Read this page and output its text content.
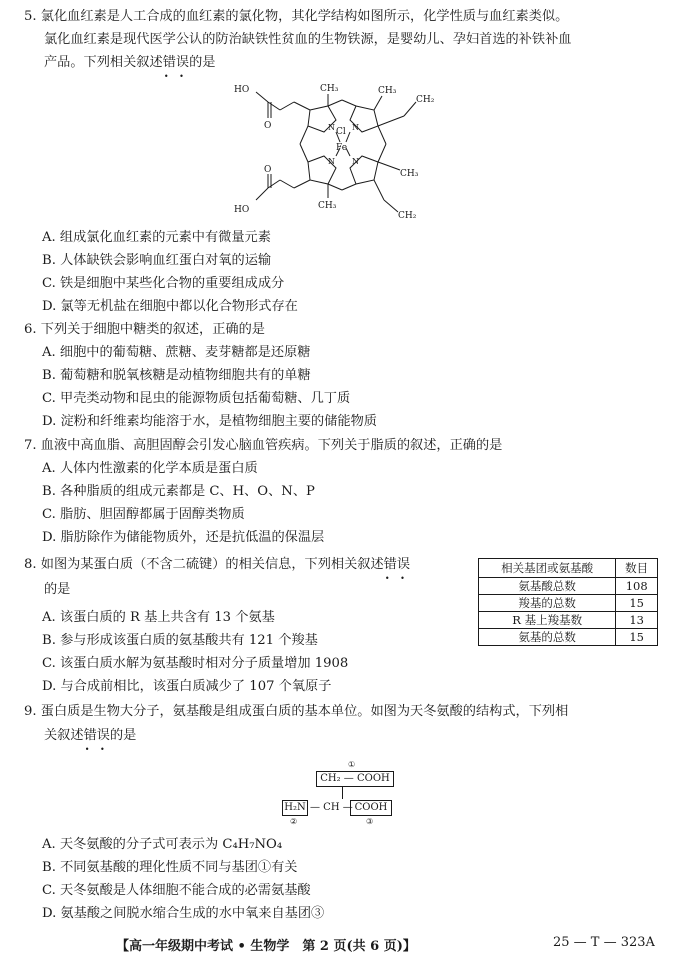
5. 氯化血红素是人工合成的血红素的氯化物，其化学结构如图所示，化学性质与血红素类似。
氯化血红素是现代医学公认的防治缺铁性贫血的生物铁源，是婴幼儿、孕妇首选的补铁补血
产品。下列相关叙述错误 • •的是
HO
O
CH₃	CH₃
CH₂
Cl
Fe
N N
N N
CH₃
CH₃
HO
O
CH₂
A. 组成氯化血红素的元素中有微量元素
B. 人体缺铁会影响血红蛋白对氧的运输
C. 铁是细胞中某些化合物的重要组成成分
D. 氯等无机盐在细胞中都以化合物形式存在
6. 下列关于细胞中糖类的叙述，正确的是
A. 细胞中的葡萄糖、蔗糖、麦芽糖都是还原糖
B. 葡萄糖和脱氧核糖是动植物细胞共有的单糖
C. 甲壳类动物和昆虫的能源物质包括葡萄糖、几丁质
D. 淀粉和纤维素均能溶于水，是植物细胞主要的储能物质
7. 血液中高血脂、高胆固醇会引发心脑血管疾病。下列关于脂质的叙述，正确的是
A. 人体内性激素的化学本质是蛋白质
B. 各种脂质的组成元素都是 C、H、O、N、P
C. 脂肪、胆固醇都属于固醇类物质
D. 脂肪除作为储能物质外，还是抗低温的保温层
8. 如图为某蛋白质（不含二硫键）的相关信息，下列相关叙述错误 • •
的是
相关基团或氨基酸	数目
氨基酸总数	108
羧基的总数	15
R 基上羧基数	13
氨基的总数	15
A. 该蛋白质的 R 基上共含有 13 个氨基
B. 参与形成该蛋白质的氨基酸共有 121 个羧基
C. 该蛋白质水解为氨基酸时相对分子质量增加 1908
D. 与合成前相比，该蛋白质减少了 107 个氧原子
9. 蛋白质是生物大分子，氨基酸是组成蛋白质的基本单位。如图为天冬氨酸的结构式，下列相
关叙述错误 • •的是
①
CH₂ — COOH
H₂N — CH — COOH
②	③
A. 天冬氨酸的分子式可表示为 C₄H₇NO₄
B. 不同氨基酸的理化性质不同与基团①有关
C. 天冬氨酸是人体细胞不能合成的必需氨基酸
D. 氨基酸之间脱水缩合生成的水中氧来自基团③
【高一年级期中考试 • 生物学　第 2 页(共 6 页)】	25 — T — 323A
